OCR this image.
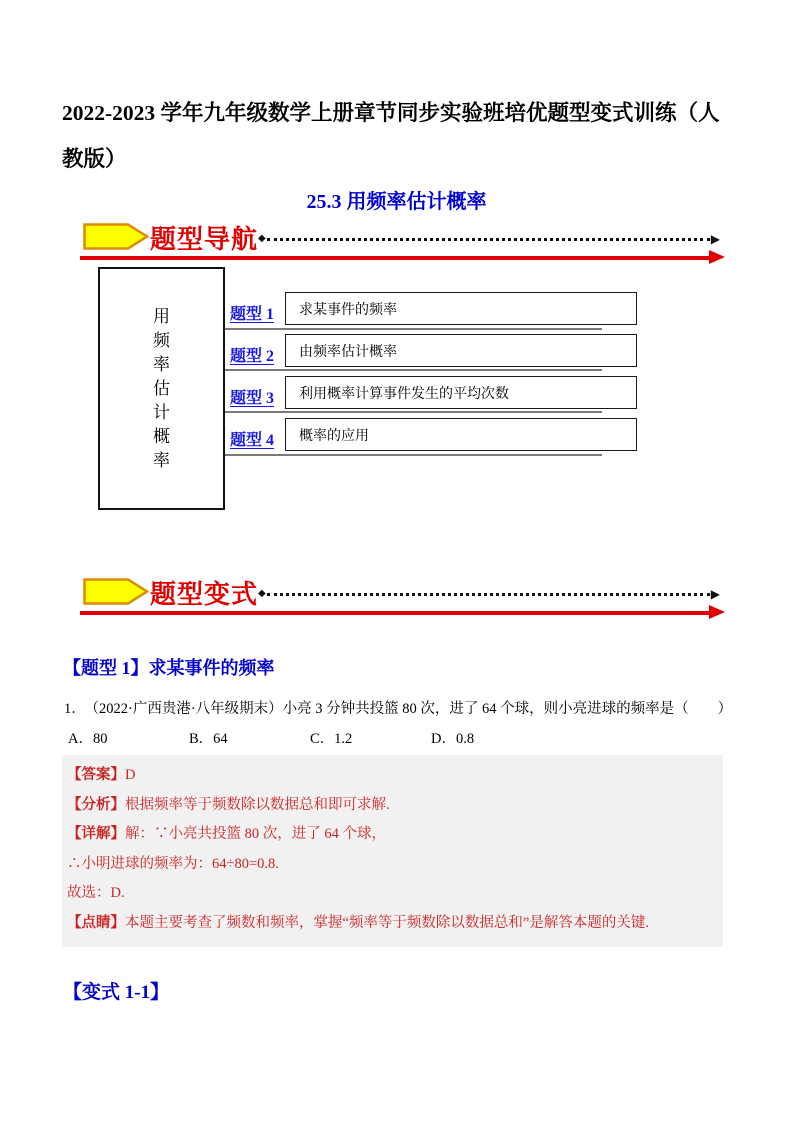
2022-2023 学年九年级数学上册章节同步实验班培优题型变式训练（人教版）
25.3 用频率估计概率
题型导航 ◆	▶
用频率估计概率
题型 1 求某事件的频率
题型 2 由频率估计概率
题型 3 利用概率计算事件发生的平均次数
题型 4 概率的应用
题型变式 ◆	▶
【题型 1】求某事件的频率

1． （2022·广西贵港·八年级期末）小亮 3 分钟共投篮 80 次，进了 64 个球，则小亮进球的频率是（　　）

A．80	B．64	C．1.2	D．0.8
【答案】D
【分析】根据频率等于频数除以数据总和即可求解.
【详解】解：∵小亮共投篮 80 次，进了 64 个球，
∴小明进球的频率为：64÷80=0.8.
故选：D.
【点睛】本题主要考查了频数和频率，掌握“频率等于频数除以数据总和”是解答本题的关键.
【变式 1-1】
